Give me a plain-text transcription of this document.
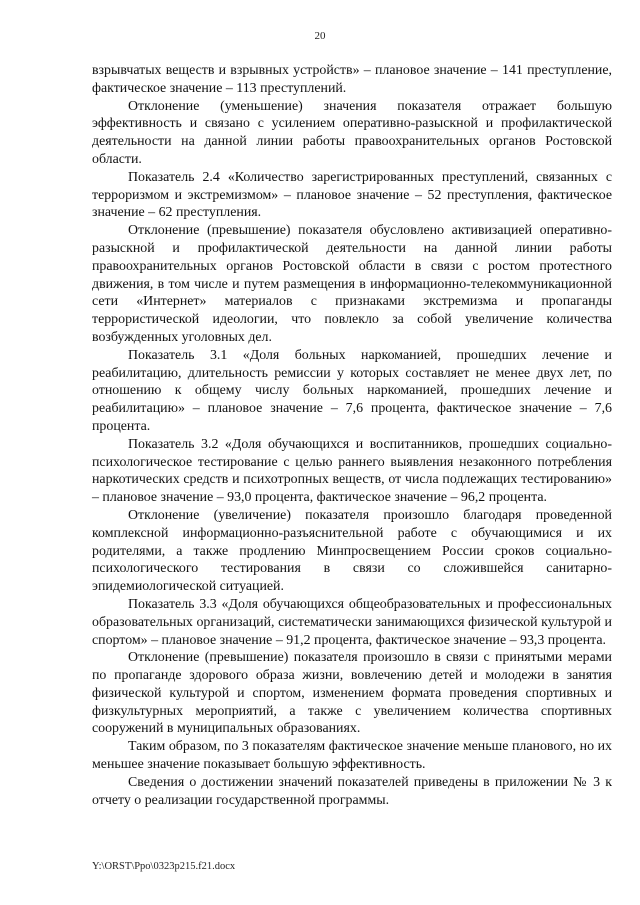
20

взрывчатых веществ и взрывных устройств» – плановое значение – 141 преступление, фактическое значение – 113 преступлений.

Отклонение (уменьшение) значения показателя отражает большую эффективность и связано с усилением оперативно-разыскной и профилактической деятельности на данной линии работы правоохранительных органов Ростовской области.

Показатель 2.4 «Количество зарегистрированных преступлений, связанных с терроризмом и экстремизмом» – плановое значение – 52 преступления, фактическое значение – 62 преступления.

Отклонение (превышение) показателя обусловлено активизацией оперативно-разыскной и профилактической деятельности на данной линии работы правоохранительных органов Ростовской области в связи с ростом протестного движения, в том числе и путем размещения в информационно-телекоммуникационной сети «Интернет» материалов с признаками экстремизма и пропаганды террористической идеологии, что повлекло за собой увеличение количества возбужденных уголовных дел.

Показатель 3.1 «Доля больных наркоманией, прошедших лечение и реабилитацию, длительность ремиссии у которых составляет не менее двух лет, по отношению к общему числу больных наркоманией, прошедших лечение и реабилитацию» – плановое значение – 7,6 процента, фактическое значение – 7,6 процента.

Показатель 3.2 «Доля обучающихся и воспитанников, прошедших социально-психологическое тестирование с целью раннего выявления незаконного потребления наркотических средств и психотропных веществ, от числа подлежащих тестированию» – плановое значение – 93,0 процента, фактическое значение – 96,2 процента.

Отклонение (увеличение) показателя произошло благодаря проведенной комплексной информационно-разъяснительной работе с обучающимися и их родителями, а также продлению Минпросвещением России сроков социально-психологического тестирования в связи со сложившейся санитарно-эпидемиологической ситуацией.

Показатель 3.3 «Доля обучающихся общеобразовательных и профессиональных образовательных организаций, систематически занимающихся физической культурой и спортом» – плановое значение – 91,2 процента, фактическое значение – 93,3 процента.

Отклонение (превышение) показателя произошло в связи с принятыми мерами по пропаганде здорового образа жизни, вовлечению детей и молодежи в занятия физической культурой и спортом, изменением формата проведения спортивных и физкультурных мероприятий, а также с увеличением количества спортивных сооружений в муниципальных образованиях.

Таким образом, по 3 показателям фактическое значение меньше планового, но их меньшее значение показывает большую эффективность.

Сведения о достижении значений показателей приведены в приложении № 3 к отчету о реализации государственной программы.

Y:\ORST\Ppo\0323p215.f21.docx
